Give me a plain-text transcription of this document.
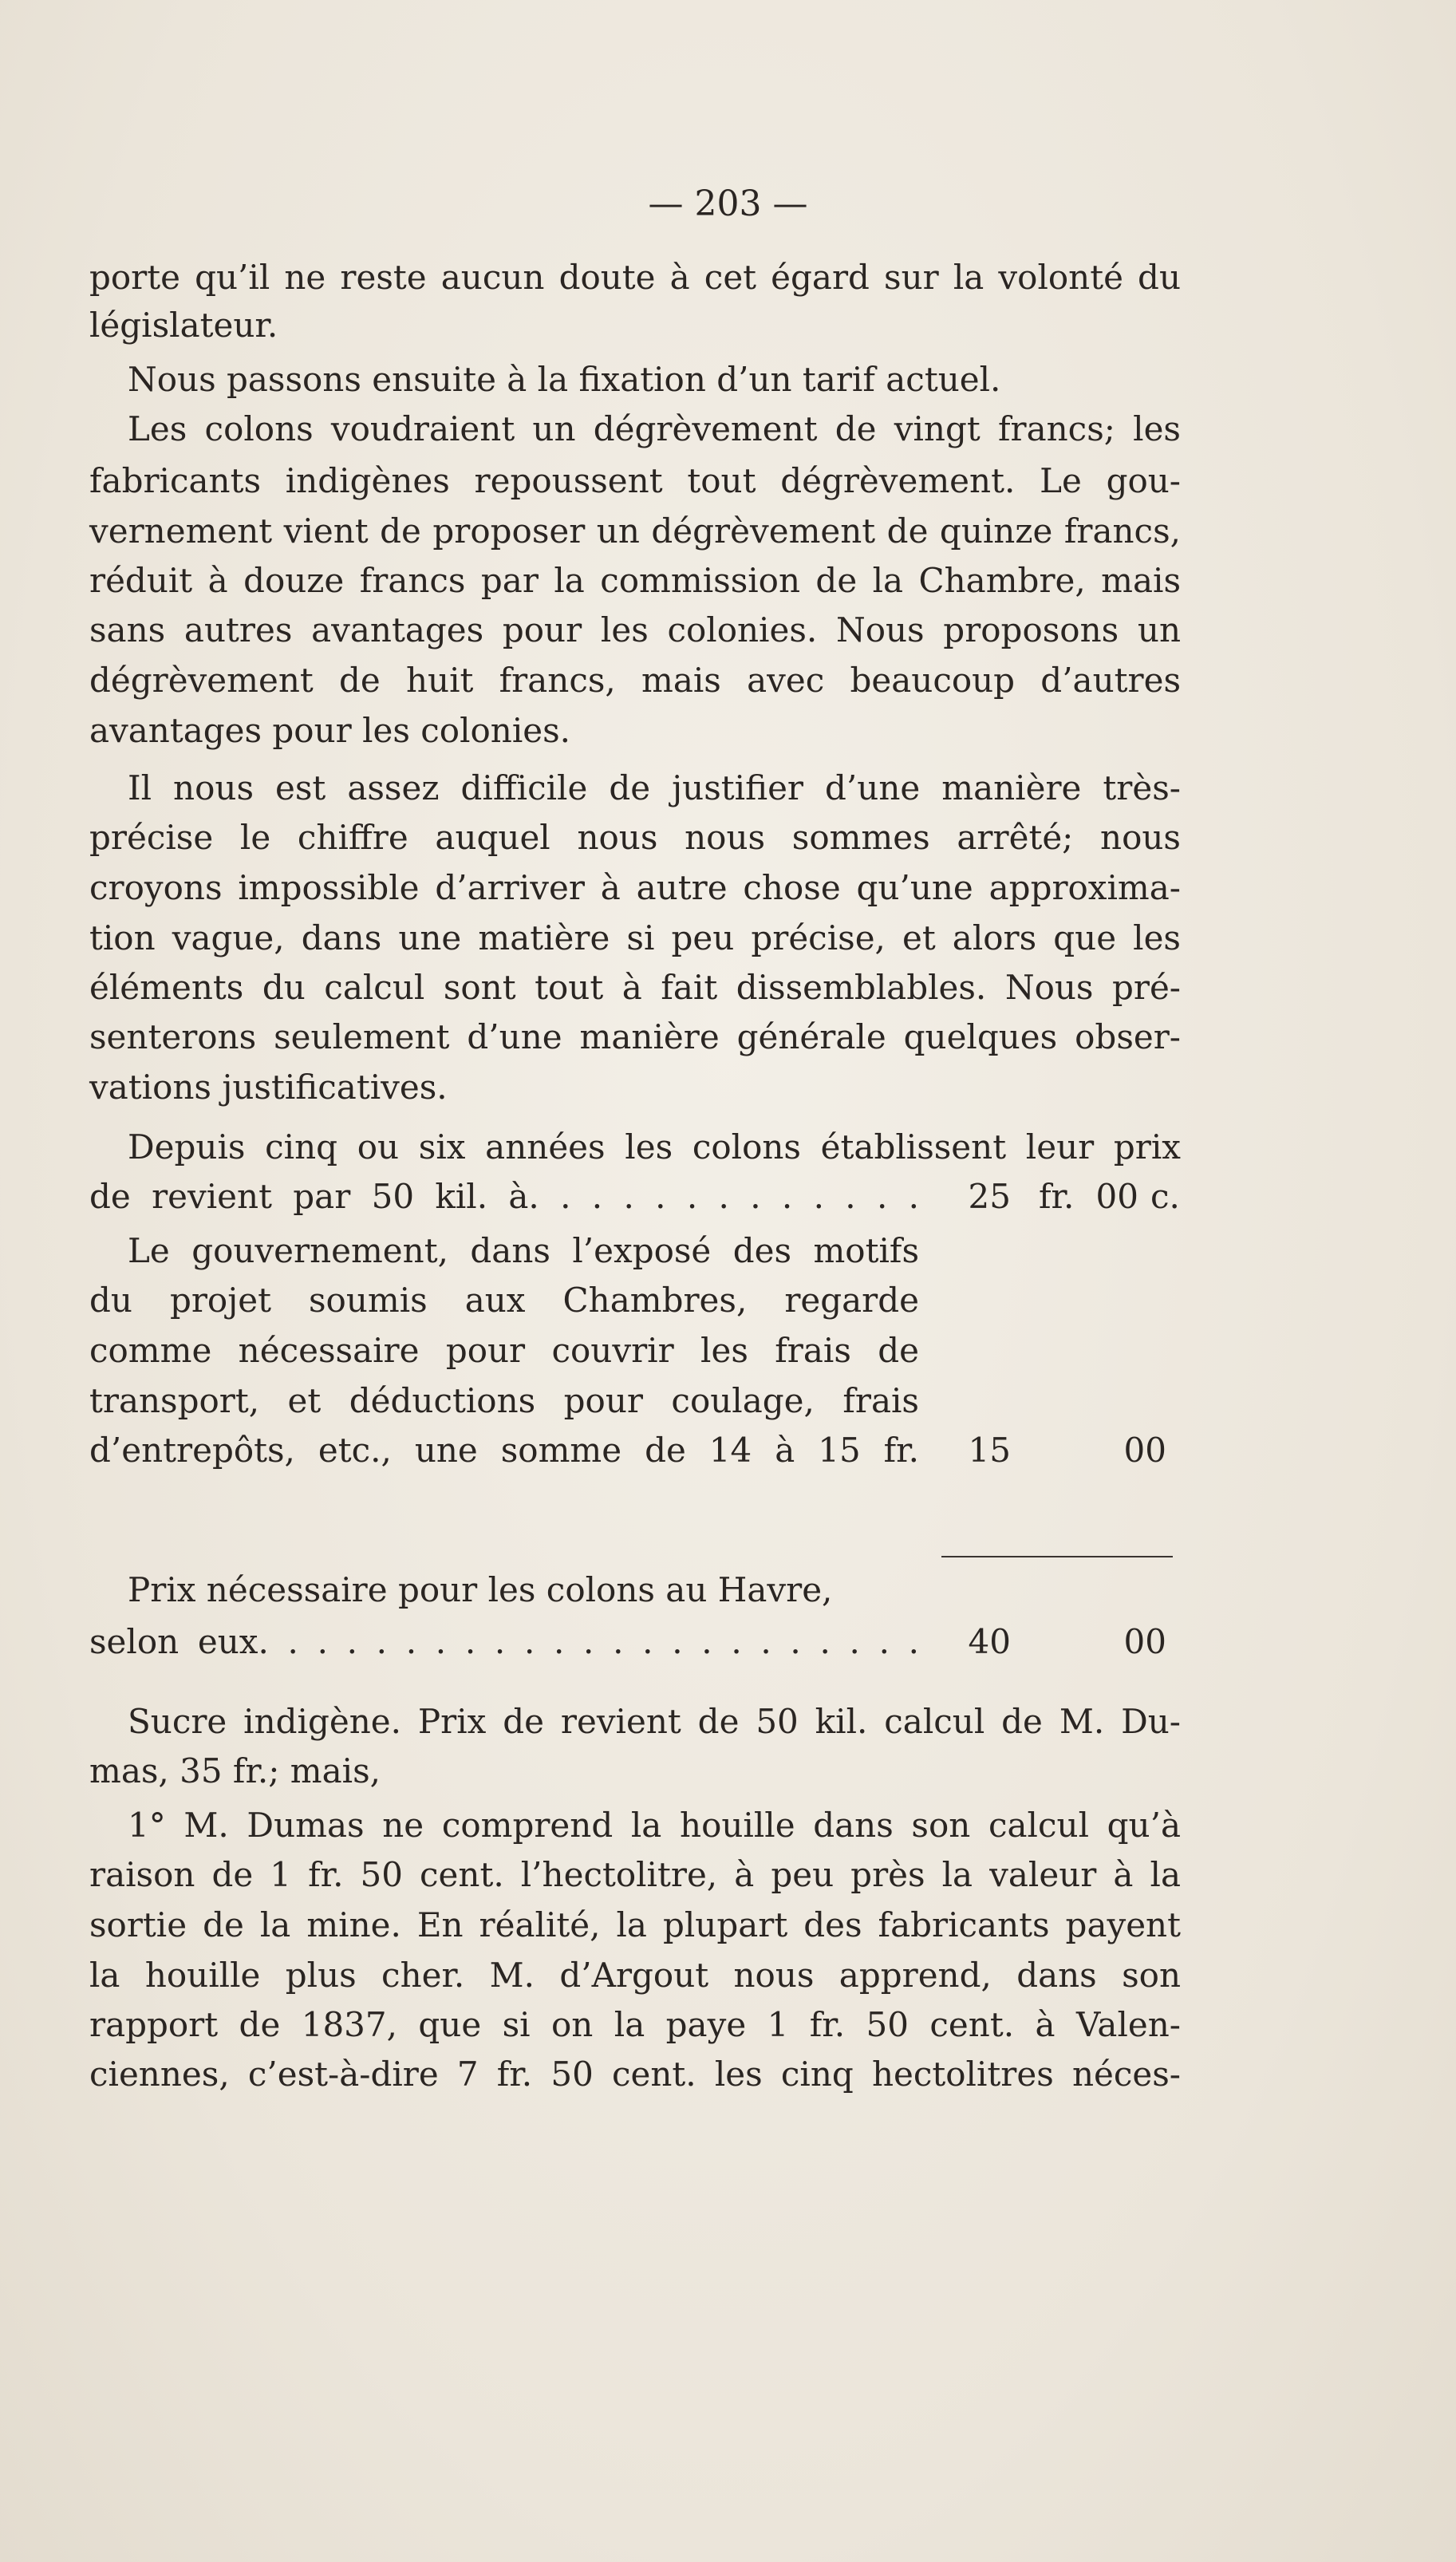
— 203 —
porte qu’il ne reste aucun doute à cet égard sur la volonté du
législateur.
Nous passons ensuite à la fixation d’un tarif actuel.
Les colons voudraient un dégrèvement de vingt francs; les
fabricants indigènes repoussent tout dégrèvement. Le gou-
vernement vient de proposer un dégrèvement de quinze francs,
réduit à douze francs par la commission de la Chambre, mais
sans autres avantages pour les colonies. Nous proposons un
dégrèvement de huit francs, mais avec beaucoup d’autres
avantages pour les colonies.
Il nous est assez difficile de justifier d’une manière très-
précise le chiffre auquel nous nous sommes arrêté; nous
croyons impossible d’arriver à autre chose qu’une approxima-
tion vague, dans une matière si peu précise, et alors que les
éléments du calcul sont tout à fait dissemblables. Nous pré-
senterons seulement d’une manière générale quelques obser-
vations justificatives.
Depuis cinq ou six années les colons établissent leur prix
de revient par 50 kil. à. . . . . . . . . . . . .	25 fr. 00 c.
Le gouvernement, dans l’exposé des motifs
du projet soumis aux Chambres, regarde
comme nécessaire pour couvrir les frais de
transport, et déductions pour coulage, frais
d’entrepôts, etc., une somme de 14 à 15 fr.	15	00
Prix nécessaire pour les colons au Havre,
selon eux. . . . . . . . . . . . . . . . . . . . . . .	40	00
Sucre indigène. Prix de revient de 50 kil. calcul de M. Du-
mas, 35 fr.; mais,
1° M. Dumas ne comprend la houille dans son calcul qu’à
raison de 1 fr. 50 cent. l’hectolitre, à peu près la valeur à la
sortie de la mine. En réalité, la plupart des fabricants payent
la houille plus cher. M. d’Argout nous apprend, dans son
rapport de 1837, que si on la paye 1 fr. 50 cent. à Valen-
ciennes, c’est-à-dire 7 fr. 50 cent. les cinq hectolitres néces-
